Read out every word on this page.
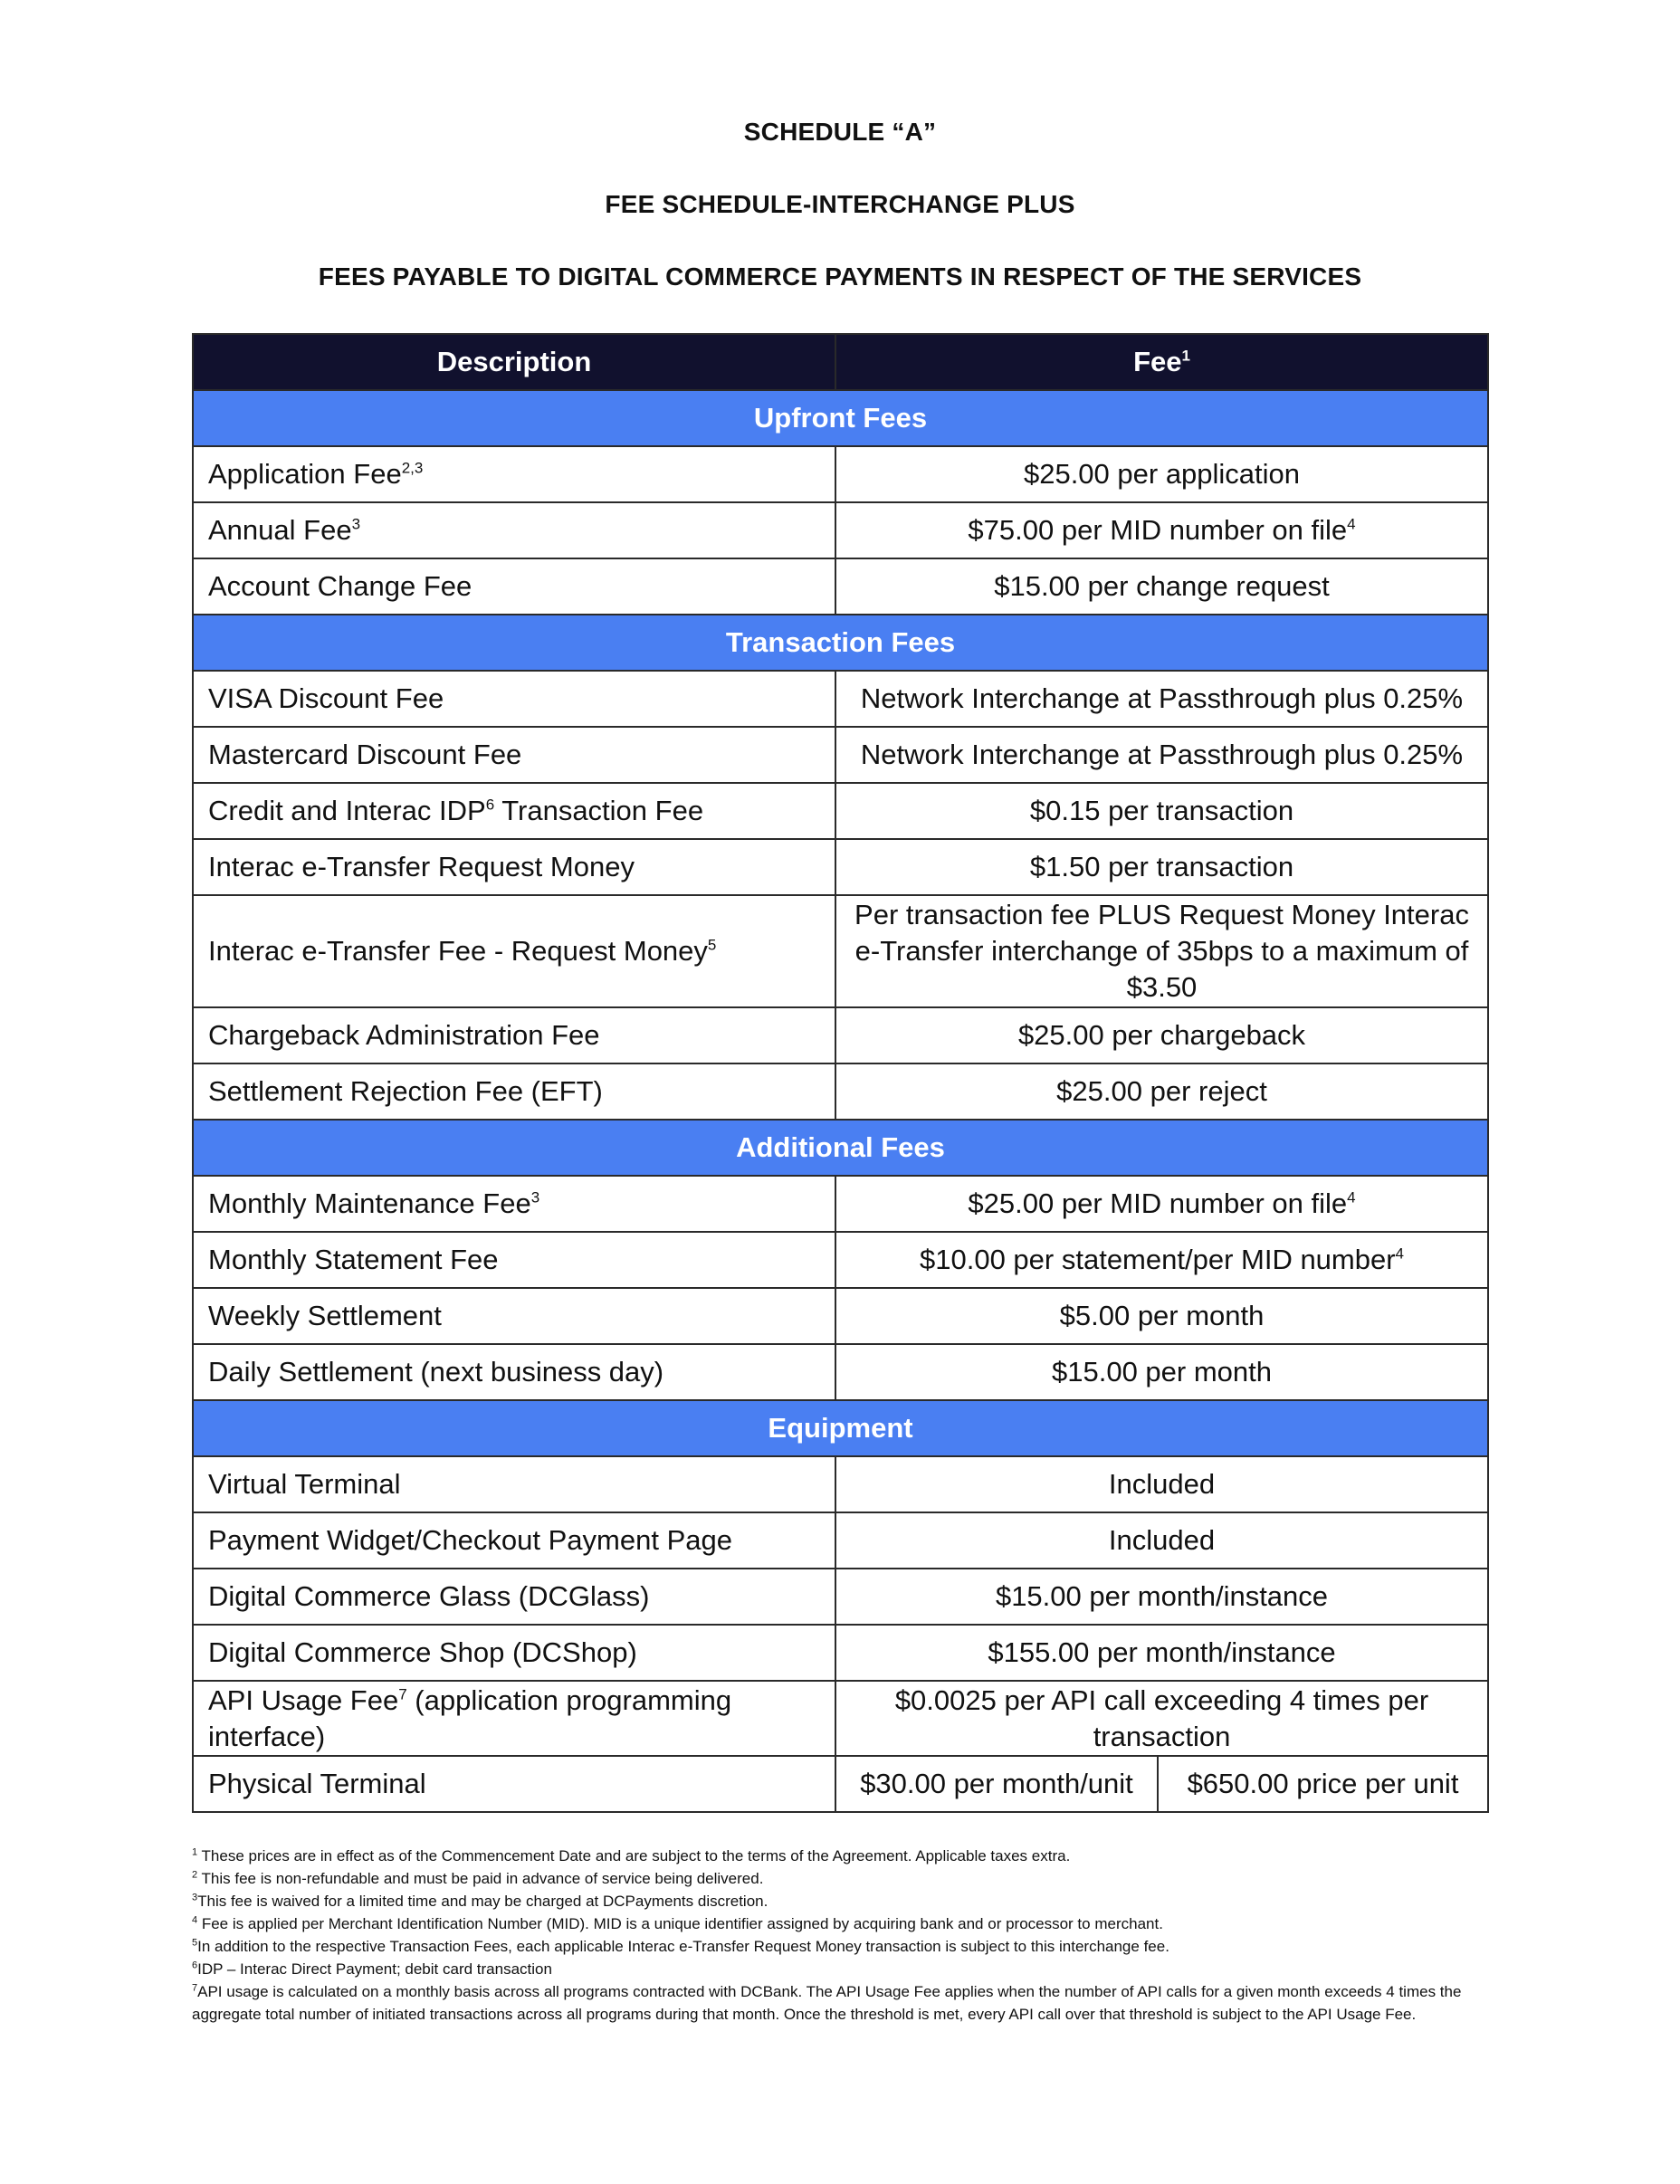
SCHEDULE “A”
FEE SCHEDULE-INTERCHANGE PLUS
FEES PAYABLE TO DIGITAL COMMERCE PAYMENTS IN RESPECT OF THE SERVICES
Description	Fee$^1$
Upfront Fees		
Application Fee$^{2,3}$	$25.00 per application	
Annual Fee$^3$	$75.00 per MID number on file$^4$
Account Change Fee	$15.00 per change request	
Transaction Fees		
VISA Discount Fee	Network Interchange at Passthrough plus 0.25%	
Mastercard Discount Fee	Network Interchange at Passthrough plus 0.25%	
Credit and Interac IDP$^6$ Transaction Fee	$0.15 per transaction	
Interac e-Transfer Request Money	$1.50 per transaction	
Interac e-Transfer Fee - Request Money$^5$	Per transaction fee PLUS Request Money Interac e-Transfer interchange of 35bps to a maximum of $3.50	
Chargeback Administration Fee	$25.00 per chargeback	
Settlement Rejection Fee (EFT)	$25.00 per reject	
Additional Fees		
Monthly Maintenance Fee$^3$	$25.00 per MID number on file$^4$
Monthly Statement Fee	$10.00 per statement/per MID number$^4$
Weekly Settlement	$5.00 per month	
Daily Settlement (next business day)	$15.00 per month	
Equipment		
Virtual Terminal	Included	
Payment Widget/Checkout Payment Page	Included	
Digital Commerce Glass (DCGlass)	$15.00 per month/instance	
Digital Commerce Shop (DCShop)	$155.00 per month/instance	
API Usage Fee$^7$ (application programming interface)	$0.0025 per API call exceeding 4 times per transaction	
Physical Terminal	$30.00 per month/unit	$650.00 price per unit
$^1$ These prices are in effect as of the Commencement Date and are subject to the terms of the Agreement. Applicable taxes extra.
$^2$ This fee is non-refundable and must be paid in advance of service being delivered.
$^3$This fee is waived for a limited time and may be charged at DCPayments discretion.
$^4$ Fee is applied per Merchant Identification Number (MID). MID is a unique identifier assigned by acquiring bank and or processor to merchant.
$^5$In addition to the respective Transaction Fees, each applicable Interac e-Transfer Request Money transaction is subject to this interchange fee.
$^6$IDP – Interac Direct Payment; debit card transaction
$^7$API usage is calculated on a monthly basis across all programs contracted with DCBank. The API Usage Fee applies when the number of API calls for a given month exceeds 4 times the aggregate total number of initiated transactions across all programs during that month. Once the threshold is met, every API call over that threshold is subject to the API Usage Fee.
